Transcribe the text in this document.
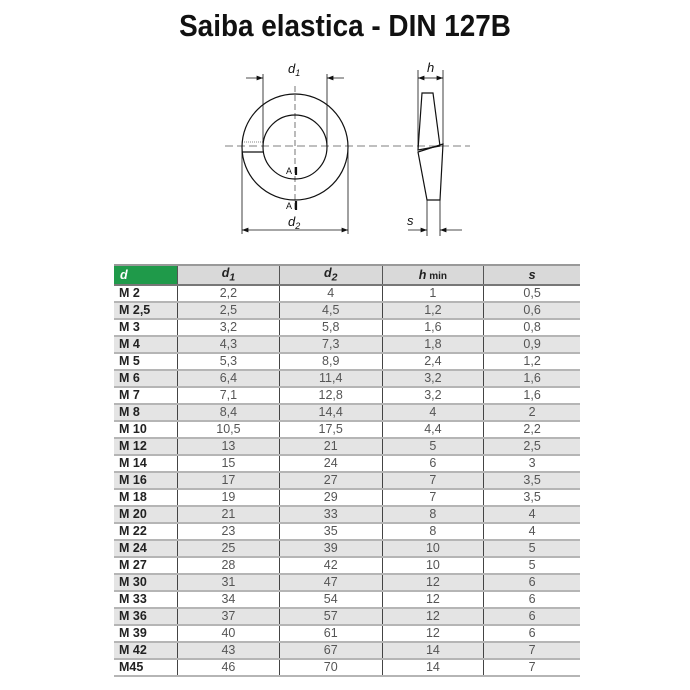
Saiba elastica - DIN 127B
$d_1$
$d_2$
h
s
A
A
d	$d_1$	$d_2$	h min	s
M 2	2,2	4	1	0,5
M 2,5	2,5	4,5	1,2	0,6
M 3	3,2	5,8	1,6	0,8
M 4	4,3	7,3	1,8	0,9
M 5	5,3	8,9	2,4	1,2
M 6	6,4	11,4	3,2	1,6
M 7	7,1	12,8	3,2	1,6
M 8	8,4	14,4	4	2
M 10	10,5	17,5	4,4	2,2
M 12	13	21	5	2,5
M 14	15	24	6	3
M 16	17	27	7	3,5
M 18	19	29	7	3,5
M 20	21	33	8	4
M 22	23	35	8	4
M 24	25	39	10	5
M 27	28	42	10	5
M 30	31	47	12	6
M 33	34	54	12	6
M 36	37	57	12	6
M 39	40	61	12	6
M 42	43	67	14	7
M45	46	70	14	7
